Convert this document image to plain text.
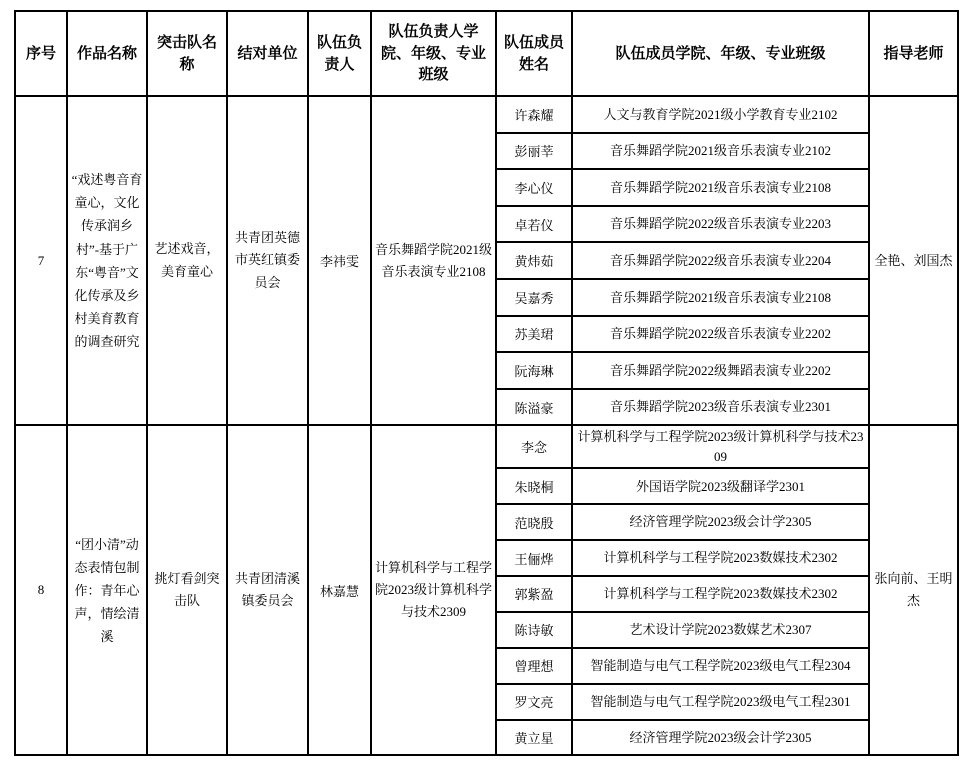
序号	作品名称	突击队名称	结对单位	队伍负责人	队伍负责人学院、年级、专业班级	队伍成员姓名	队伍成员学院、年级、专业班级	指导老师
7	“戏述粤音育童心，文化传承润乡村”-基于广东“粤音”文化传承及乡村美育教育的调查研究	艺述戏音，美育童心	共青团英德市英红镇委员会	李祎雯	音乐舞蹈学院2021级音乐表演专业2108	许森耀	人文与教育学院2021级小学教育专业2102	全艳、刘国杰
						彭丽莘	音乐舞蹈学院2021级音乐表演专业2102	
						李心仪	音乐舞蹈学院2021级音乐表演专业2108	
						卓若仪	音乐舞蹈学院2022级音乐表演专业2203	
						黄炜茹	音乐舞蹈学院2022级音乐表演专业2204	
						吴嘉秀	音乐舞蹈学院2021级音乐表演专业2108	
						苏美珺	音乐舞蹈学院2022级音乐表演专业2202	
						阮海琳	音乐舞蹈学院2022级舞蹈表演专业2202	
						陈溢豪	音乐舞蹈学院2023级音乐表演专业2301	
8	“团小清”动态表情包制作：青年心声，情绘清溪	挑灯看剑突击队	共青团清溪镇委员会	林嘉慧	计算机科学与工程学院2023级计算机科学与技术2309	李念	计算机科学与工程学院2023级计算机科学与技术2309	张向前、王明杰
						朱晓桐	外国语学院2023级翻译学2301	
						范晓殷	经济管理学院2023级会计学2305	
						王俪烨	计算机科学与工程学院2023数媒技术2302	
						郭紫盈	计算机科学与工程学院2023数媒技术2302	
						陈诗敏	艺术设计学院2023数媒艺术2307	
						曾理想	智能制造与电气工程学院2023级电气工程2304	
						罗文亮	智能制造与电气工程学院2023级电气工程2301	
						黄立星	经济管理学院2023级会计学2305	
